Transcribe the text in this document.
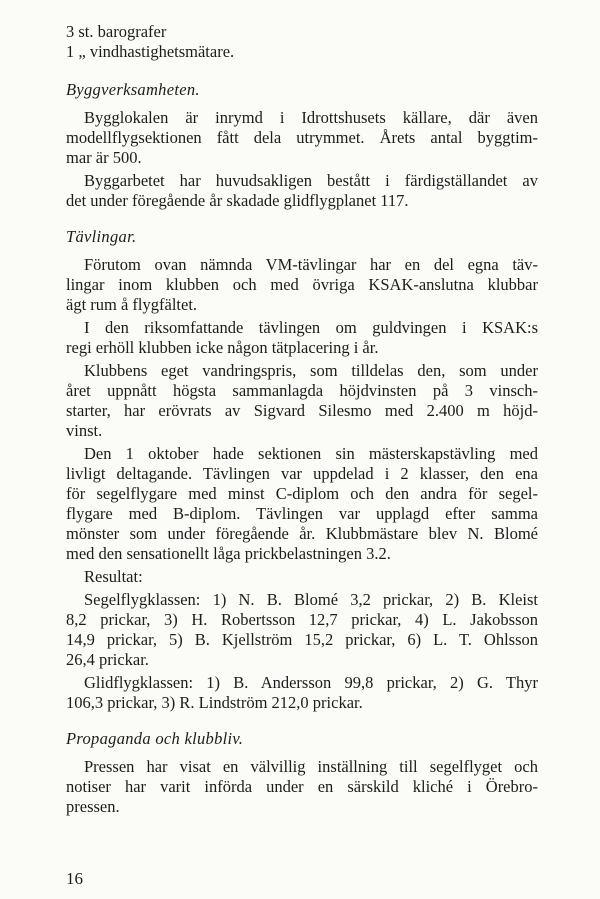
3 st. barografer
1 „ vindhastighetsmätare.
Byggverksamheten.
Bygglokalen är inrymd i Idrottshusets källare, där även
modellflygsektionen fått dela utrymmet. Årets antal byggtim-
mar är 500.
Byggarbetet har huvudsakligen bestått i färdigställandet av
det under föregående år skadade glidflygplanet 117.
Tävlingar.
Förutom ovan nämnda VM-tävlingar har en del egna täv-
lingar inom klubben och med övriga KSAK-anslutna klubbar
ägt rum å flygfältet.
I den riksomfattande tävlingen om guldvingen i KSAK:s
regi erhöll klubben icke någon tätplacering i år.
Klubbens eget vandringspris, som tilldelas den, som under
året uppnått högsta sammanlagda höjdvinsten på 3 vinsch-
starter, har erövrats av Sigvard Silesmo med 2.400 m höjd-
vinst.
Den 1 oktober hade sektionen sin mästerskapstävling med
livligt deltagande. Tävlingen var uppdelad i 2 klasser, den ena
för segelflygare med minst C-diplom och den andra för segel-
flygare med B-diplom. Tävlingen var upplagd efter samma
mönster som under föregående år. Klubbmästare blev N. Blomé
med den sensationellt låga prickbelastningen 3.2.
Resultat:
Segelflygklassen: 1) N. B. Blomé 3,2 prickar, 2) B. Kleist
8,2 prickar, 3) H. Robertsson 12,7 prickar, 4) L. Jakobsson
14,9 prickar, 5) B. Kjellström 15,2 prickar, 6) L. T. Ohlsson
26,4 prickar.
Glidflygklassen: 1) B. Andersson 99,8 prickar, 2) G. Thyr
106,3 prickar, 3) R. Lindström 212,0 prickar.
Propaganda och klubbliv.
Pressen har visat en välvillig inställning till segelflyget och
notiser har varit införda under en särskild kliché i Örebro-
pressen.
16
